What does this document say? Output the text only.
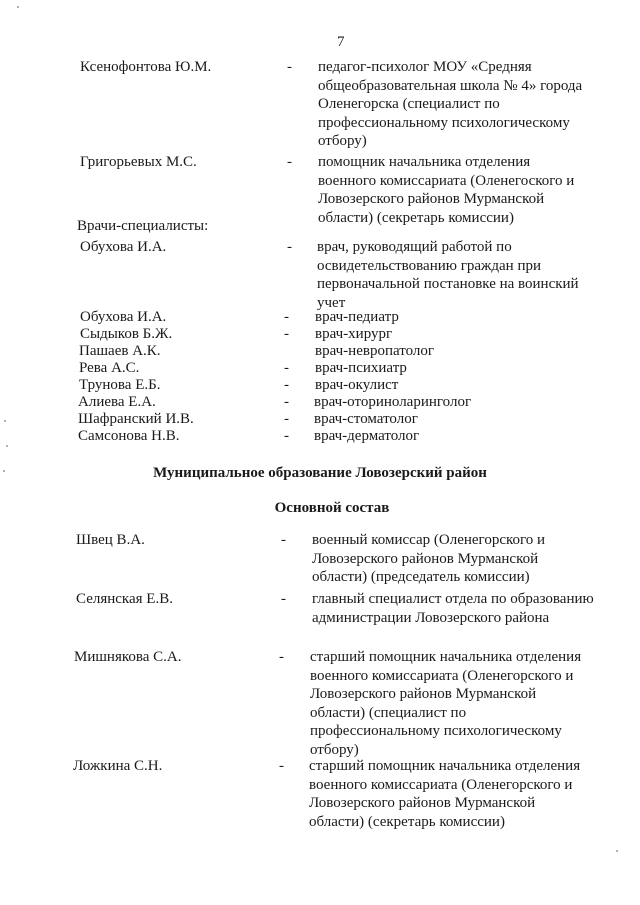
7
Ксенофонтова Ю.М.	- педагог-психолог МОУ «Средняя общеобразовательная школа № 4» города Оленегорска (специалист по профессиональному психологическому отбору)
Григорьевых М.С.	- помощник начальника отделения военного комиссариата (Оленегоского и Ловозерского районов Мурманской области) (секретарь комиссии)
Врачи-специалисты:
Обухова И.А.	- врач, руководящий работой по освидетельствованию граждан при первоначальной постановке на воинский учет
Обухова И.А.	- врач-педиатр
Сыдыков Б.Ж.	- врач-хирург
Пашаев А.К.	врач-невропатолог
Рева А.С.	- врач-психиатр
Трунова Е.Б.	- врач-окулист
Алиева Е.А.	- врач-оториноларинголог
Шафранский И.В.	- врач-стоматолог
Самсонова Н.В.	- врач-дерматолог
Муниципальное образование Ловозерский район
Основной состав
Швец В.А.	- военный комиссар (Оленегорского и Ловозерского районов Мурманской области) (председатель комиссии)
Селянская Е.В.	- главный специалист отдела по образованию администрации Ловозерского района
Мишнякова С.А.	- старший помощник начальника отделения военного комиссариата (Оленегорского и Ловозерского районов Мурманской области) (специалист по профессиональному психологическому отбору)
Ложкина С.Н.	- старший помощник начальника отделения военного комиссариата (Оленегорского и Ловозерского районов Мурманской области) (секретарь комиссии)
